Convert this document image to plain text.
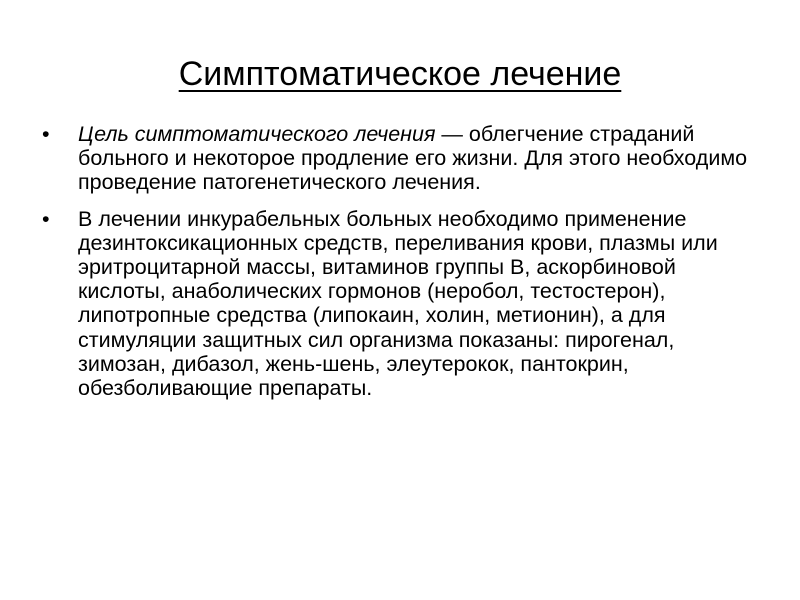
Симптоматическое лечение
•	Цель симптоматического лечения — облегчение страданий больного и некоторое продление его жизни. Для этого необходимо проведение патогенетического лечения.
•	В лечении инкурабельных больных необходимо применение дезинтоксикационных средств, переливания крови, плазмы или эритроцитарной массы, витаминов группы В, аскорбиновой кислоты, анаболических гормонов (неробол, тестостерон), липотропные средства (липокаин, холин, метионин), а для стимуляции защитных сил организма показаны: пирогенал, зимозан, дибазол, жень-шень, элеутерокок, пантокрин, обезболивающие препараты.
